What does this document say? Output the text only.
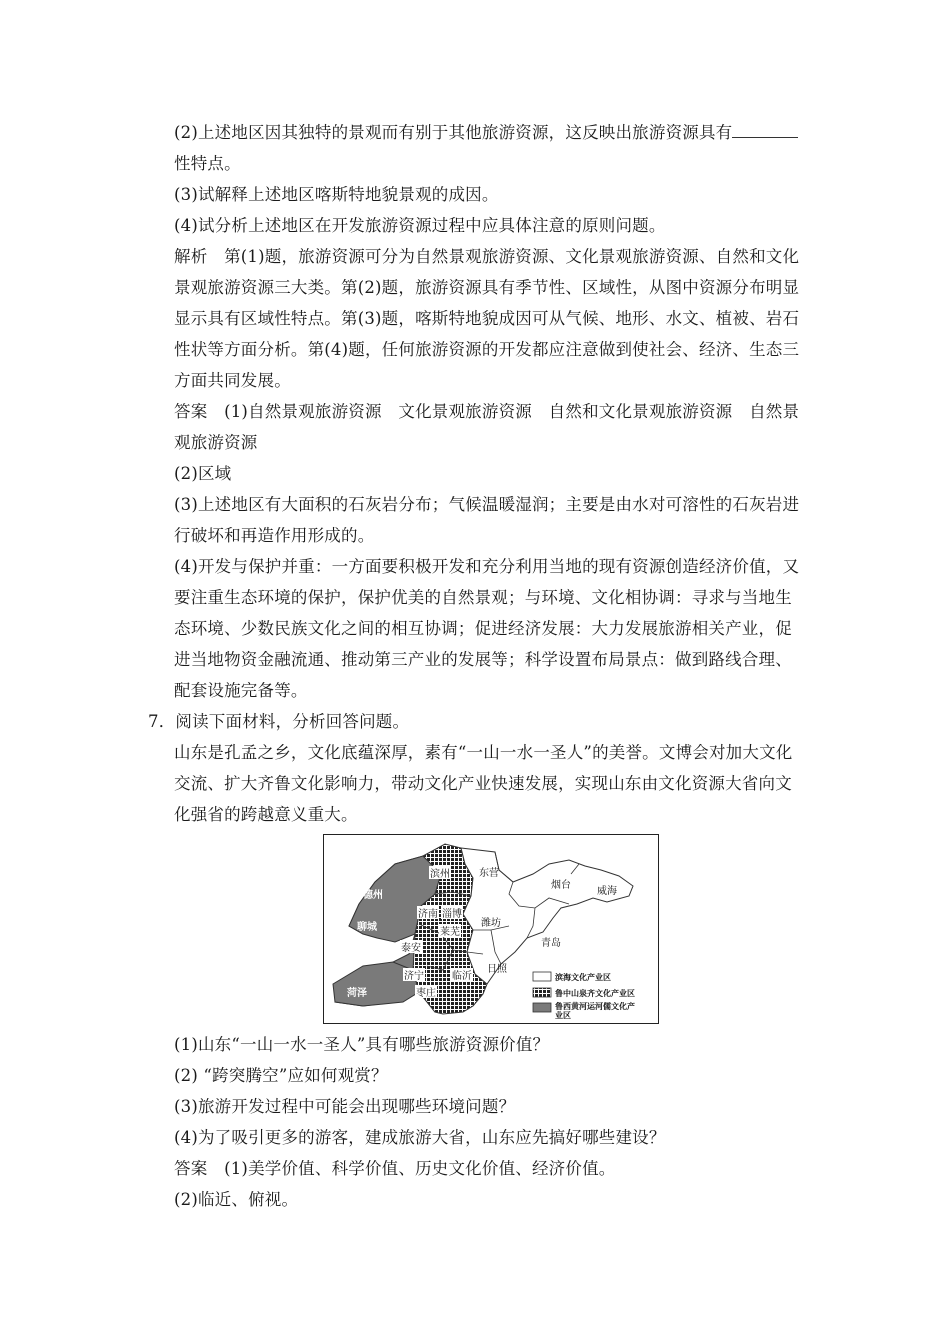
(2)上述地区因其独特的景观而有别于其他旅游资源，这反映出旅游资源具有
性特点。
(3)试解释上述地区喀斯特地貌景观的成因。
(4)试分析上述地区在开发旅游资源过程中应具体注意的原则问题。
解析　第(1)题，旅游资源可分为自然景观旅游资源、文化景观旅游资源、自然和文化
景观旅游资源三大类。第(2)题，旅游资源具有季节性、区域性，从图中资源分布明显
显示具有区域性特点。第(3)题，喀斯特地貌成因可从气候、地形、水文、植被、岩石
性状等方面分析。第(4)题，任何旅游资源的开发都应注意做到使社会、经济、生态三
方面共同发展。
答案　(1)自然景观旅游资源　文化景观旅游资源　自然和文化景观旅游资源　自然景
观旅游资源
(2)区域
(3)上述地区有大面积的石灰岩分布；气候温暖湿润；主要是由水对可溶性的石灰岩进
行破坏和再造作用形成的。
(4)开发与保护并重：一方面要积极开发和充分利用当地的现有资源创造经济价值，又
要注重生态环境的保护，保护优美的自然景观；与环境、文化相协调：寻求与当地生
态环境、少数民族文化之间的相互协调；促进经济发展：大力发展旅游相关产业，促
进当地物资金融流通、推动第三产业的发展等；科学设置布局景点：做到路线合理、
配套设施完备等。
7．阅读下面材料，分析回答问题。
山东是孔孟之乡，文化底蕴深厚，素有“一山一水一圣人”的美誉。文博会对加大文化
交流、扩大齐鲁文化影响力，带动文化产业快速发展，实现山东由文化资源大省向文
化强省的跨越意义重大。
德州
聊城
菏泽
滨州	东营
烟台
威海
济南 淄博
潍坊
莱芜
泰安	青岛
济宁	临沂
日照
枣庄
滨海文化产业区
鲁中山泉齐文化产业区
鲁西黄河运河儒文化产
业区
(1)山东“一山一水一圣人”具有哪些旅游资源价值？
(2) “跨突腾空”应如何观赏？
(3)旅游开发过程中可能会出现哪些环境问题？
(4)为了吸引更多的游客，建成旅游大省，山东应先搞好哪些建设？
答案　(1)美学价值、科学价值、历史文化价值、经济价值。
(2)临近、俯视。
